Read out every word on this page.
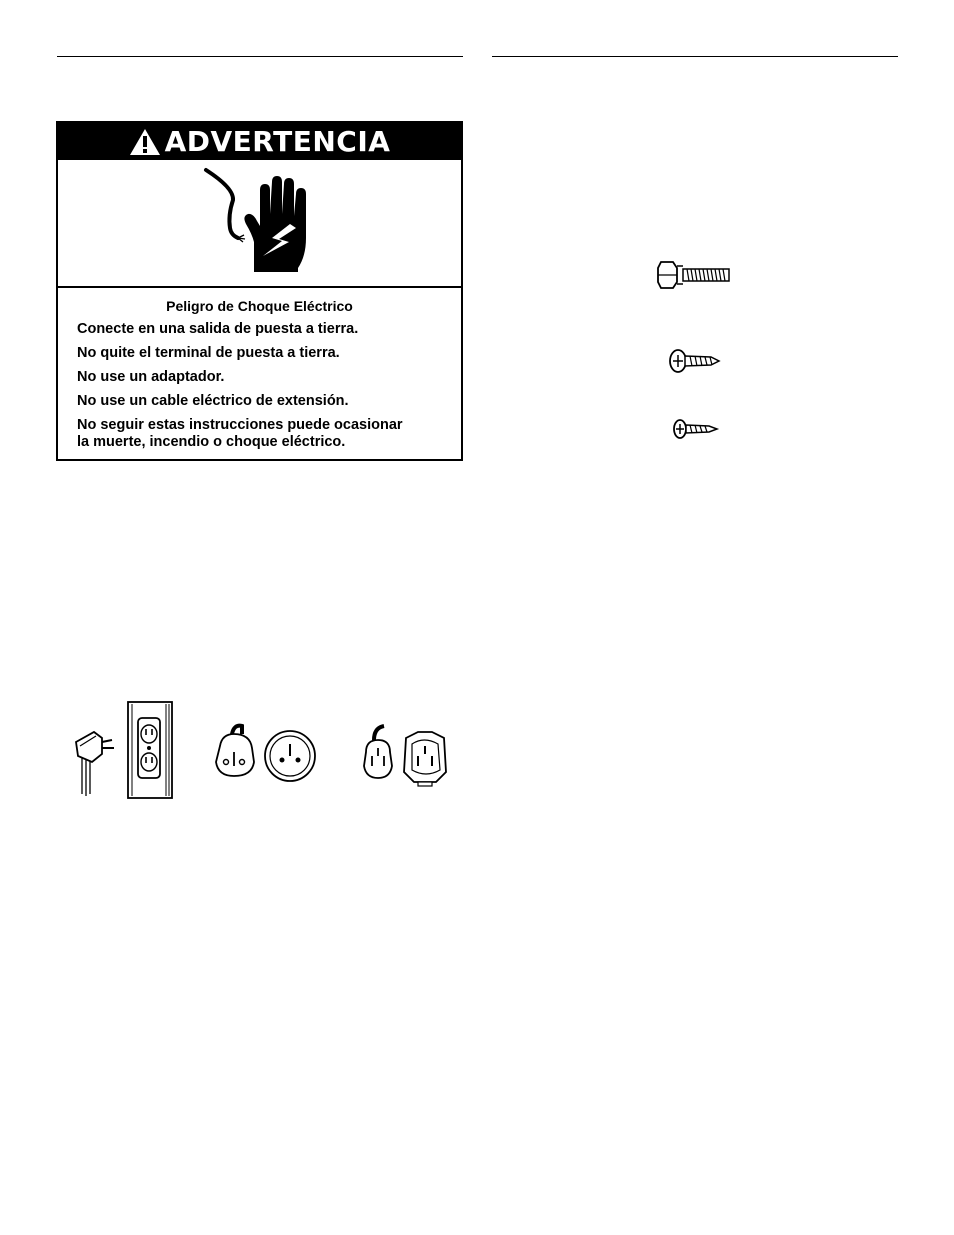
ADVERTENCIA
Peligro de Choque Eléctrico
Conecte en una salida de puesta a tierra.
No quite el terminal de puesta a tierra.
No use un adaptador.
No use un cable eléctrico de extensión.
No seguir estas instrucciones puede ocasionar
la muerte, incendio o choque eléctrico.
